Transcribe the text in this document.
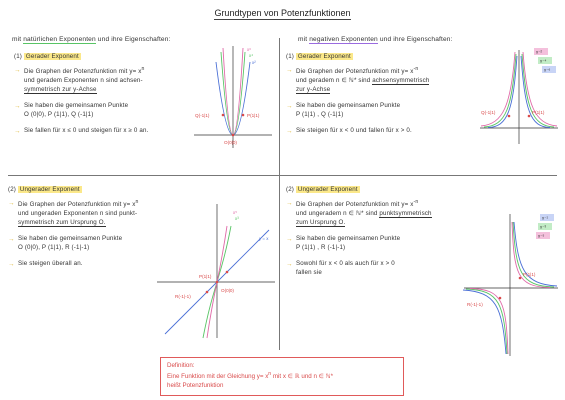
Grundtypen von Potenzfunktionen
mit natürlichen Exponenten und ihre Eigenschaften:	mit negativen Exponenten und ihre Eigenschaften:
(1) Gerader Exponent
→ Die Graphen der Potenzfunktion mit $y= x^n$
und geradem Exponenten n sind achsen-
symmetrisch zur y-Achse
→ Sie haben die gemeinsamen Punkte
O (0|0), P (1|1), Q (-1|1)
→ Sie fallen für x ≤ 0 und steigen für x ≥ 0 an.
(2) Ungerader Exponent
→ Die Graphen der Potenzfunktion mit $y= x^n$
und ungeraden Exponenten n sind punkt-
symmetrisch zum Ursprung O.
→ Sie haben die gemeinsamen Punkte
O (0|0), P (1|1), R (-1|-1)
→ Sie steigen überall an.
(1) Gerader Exponent
→ Die Graphen der Potenzfunktion mit $y= x^{-n}$
und geradem n ∈ ℕ* sind achsensymmetrisch
zur y-Achse
→ Sie haben die gemeinsamen Punkte
P (1|1) , Q (-1|1)
→ Sie steigen für x < 0 und fallen für x > 0.
(2) Ungerader Exponent
→ Die Graphen der Potenzfunktion mit $y= x^{-n}$
und ungeradem n ∈ ℕ* sind punktsymmetrisch
zum Ursprung O.
→ Sie haben die gemeinsamen Punkte
P (1|1) , R (-1|-1)
→ Sowohl für x < 0 als auch für x > 0
fallen sie
Q(-1|1)	P(1|1)
O(0|0)
x⁶
x⁴
x²
P(1|1)
O(0|0)
R(-1|-1)
x⁵
x³
y = x
Q(-1|1)	P(1|1)
x⁻²
x⁻⁴
x⁻⁶
P(1|1)
R(-1|-1)
x⁻¹
x⁻³
x⁻⁵
Definition:
Eine Funktion mit der Gleichung $y= x^n$ mit x ∈ ℝ und n ∈ ℕ*
heißt Potenzfunktion
